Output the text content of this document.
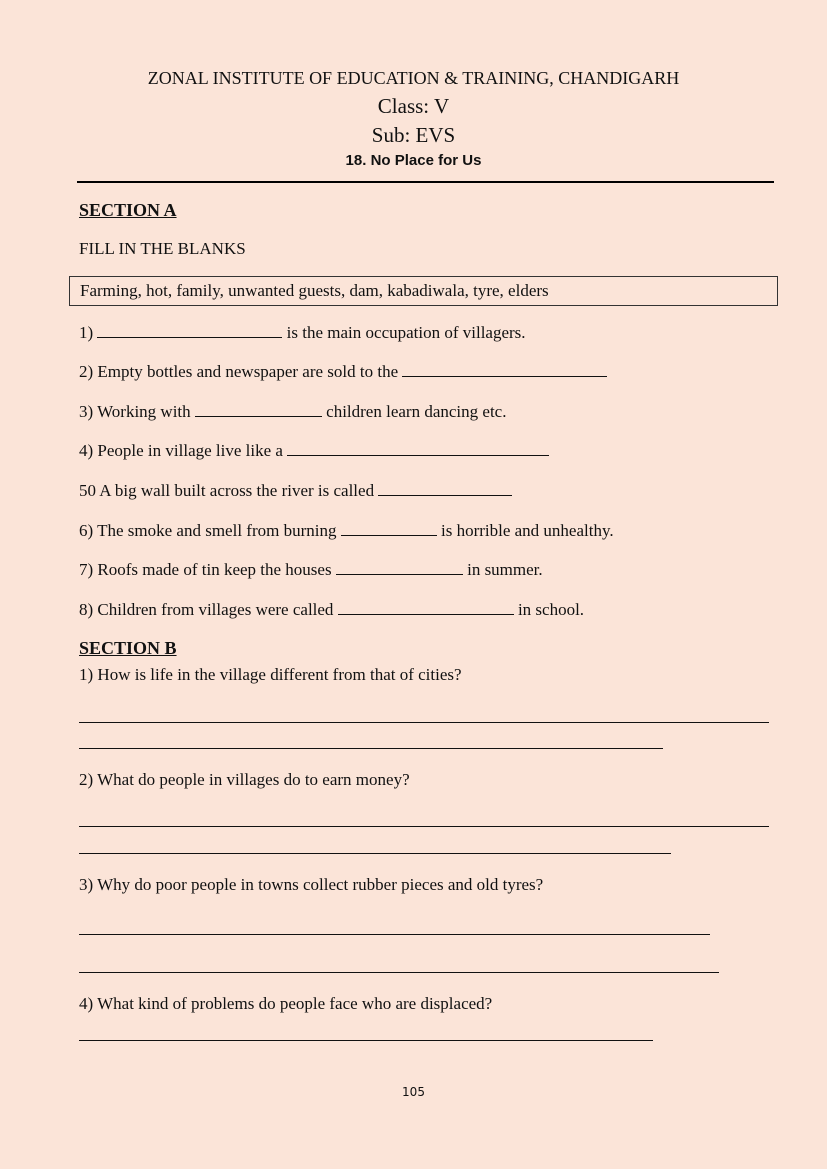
ZONAL INSTITUTE OF EDUCATION & TRAINING, CHANDIGARH
Class: V
Sub: EVS
18. No Place for Us
SECTION A
FILL IN THE BLANKS
Farming, hot, family, unwanted guests, dam, kabadiwala, tyre, elders
1)	is the main occupation of villagers.
2) Empty bottles and newspaper are sold to the
3) Working with	children learn dancing etc.
4) People in village live like a
50 A big wall built across the river is called
6) The smoke and smell from burning	is horrible and unhealthy.
7) Roofs made of tin keep the houses	in summer.
8) Children from villages were called	in school.
SECTION B
1) How is life in the village different from that of cities?
2) What do people in villages do to earn money?
3) Why do poor people in towns collect rubber pieces and old tyres?
4) What kind of problems do people face who are displaced?
105
